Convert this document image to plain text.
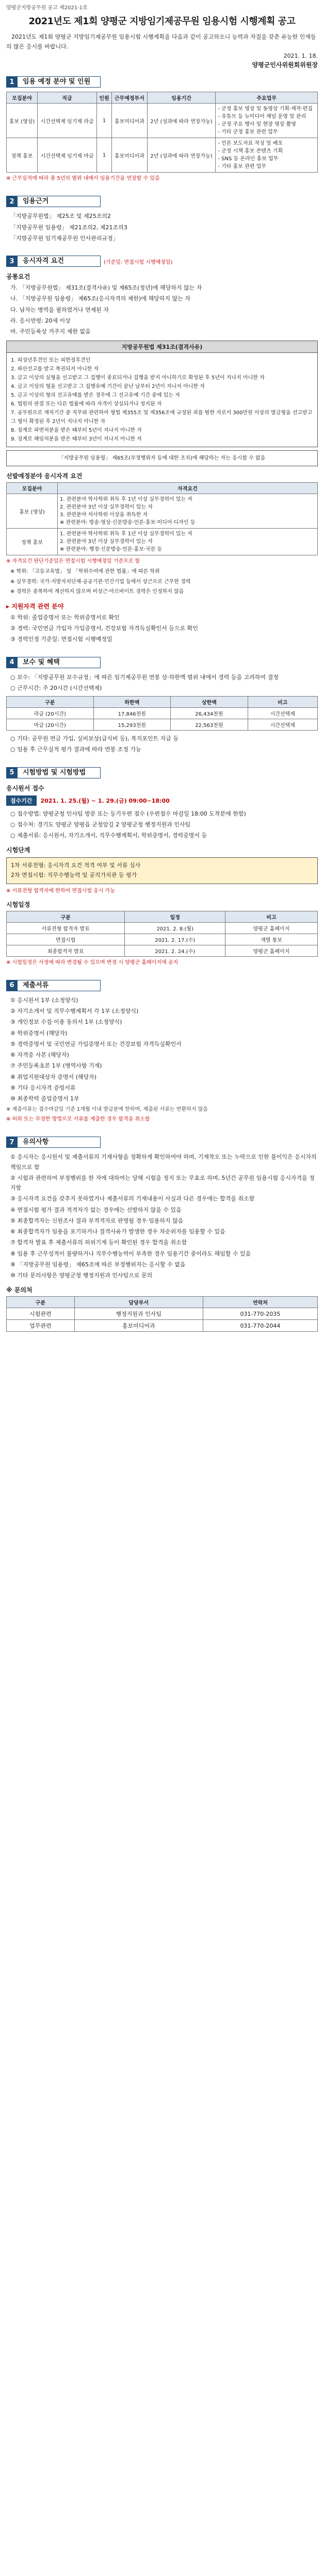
양평군지방공무원 공고 제2021-1호
2021년도 제1회 양평군 지방임기제공무원 임용시험 시행계획 공고
2021년도 제1회 양평군 지방임기제공무원 임용시험 시행계획을 다음과 같이 공고하오니 능력과 자질을 갖춘 유능한 인재들의 많은 응시를 바랍니다.
2021. 1. 18.
양평군인사위원회위원장
1	임용 예정 분야 및 인원
모집분야	직급	인원	근무예정부서	임용기간	주요업무
홍보 (영상)	시간선택제 임기제 라급	1	홍보미디어과	2년 (성과에 따라 연장가능)	- 군정 홍보 영상 및 동영상 기획·제작·편집
- 유튜브 등 뉴미디어 채널 운영 및 관리
- 군정 주요 행사 및 현장 영상 촬영
- 기타 군정 홍보 관련 업무
정책 홍보	시간선택제 임기제 마급	1	홍보미디어과	2년 (성과에 따라 연장가능)	- 언론 보도자료 작성 및 배포
- 군정 시책 홍보 콘텐츠 기획
- SNS 등 온라인 홍보 업무
- 기타 홍보 관련 업무
※ 근무실적에 따라 총 5년의 범위 내에서 임용기간을 연장할 수 있음
2	임용근거
「지방공무원법」 제25조 및 제25조의2
「지방공무원 임용령」 제21조의2, 제21조의3
「지방공무원 임기제공무원 인사관리규정」
3	응시자격 요건	(기준일: 면접시험 시행예정일)
공통요건
가. 「지방공무원법」 제31조(결격사유) 및 제65조(정년)에 해당하지 않는 자
나. 「지방공무원 임용령」 제65조(응시자격의 제한)에 해당하지 않는 자
다. 남자는 병역을 필하였거나 면제된 자
라. 응시연령: 20세 이상
마. 주민등록상 거주지 제한 없음
지방공무원법 제31조(결격사유)
1. 피성년후견인 또는 피한정후견인
2. 파산선고를 받고 복권되지 아니한 자
3. 금고 이상의 실형을 선고받고 그 집행이 종료되거나 집행을 받지 아니하기로 확정된 후 5년이 지나지 아니한 자
4. 금고 이상의 형을 선고받고 그 집행유예 기간이 끝난 날부터 2년이 지나지 아니한 자
5. 금고 이상의 형의 선고유예를 받은 경우에 그 선고유예 기간 중에 있는 자
6. 법원의 판결 또는 다른 법률에 따라 자격이 상실되거나 정지된 자
7. 공무원으로 재직기간 중 직무와 관련하여 형법 제355조 및 제356조에 규정된 죄를 범한 자로서 300만원 이상의 벌금형을 선고받고 그 형이 확정된 후 2년이 지나지 아니한 자
8. 징계로 파면처분을 받은 때부터 5년이 지나지 아니한 자
9. 징계로 해임처분을 받은 때부터 3년이 지나지 아니한 자
「지방공무원 임용령」 제65조(부정행위자 등에 대한 조치)에 해당하는 자는 응시할 수 없음
선발예정분야 응시자격 요건
모집분야	자격요건
홍보 (영상)	1. 관련분야 학사학위 취득 후 1년 이상 실무경력이 있는 자
2. 관련분야 3년 이상 실무경력이 있는 자
3. 관련분야 석사학위 이상을 취득한 자
※ 관련분야: 방송·영상·신문방송·언론·홍보·미디어·디자인 등
정책 홍보	1. 관련분야 학사학위 취득 후 1년 이상 실무경력이 있는 자
2. 관련분야 3년 이상 실무경력이 있는 자
※ 관련분야: 행정·신문방송·언론·홍보·국문 등
※ 자격요건 판단기준일은 면접시험 시행예정일 기준으로 함
※ 학위: 「고등교육법」 및 「학위수여에 관한 법률」에 따른 학위
※ 실무경력: 국가·지방자치단체·공공기관·민간기업 등에서 상근으로 근무한 경력
※ 경력은 중복하여 계산하지 않으며 비상근·아르바이트 경력은 인정하지 않음
▸ 지원자격 관련 분야
① 학위: 졸업증명서 또는 학위증명서로 확인
② 경력: 국민연금 가입자 가입증명서, 건강보험 자격득실확인서 등으로 확인
③ 경력인정 기준일: 면접시험 시행예정일
4	보수 및 혜택
○ 보수: 「지방공무원 보수규정」에 따른 임기제공무원 연봉 상·하한액 범위 내에서 경력 등을 고려하여 결정
○ 근무시간: 주 20시간 (시간선택제)
구분	하한액	상한액	비고
라급 (20시간)	17,846천원	26,434천원	시간선택제
마급 (20시간)	15,293천원	22,563천원	시간선택제
○ 기타: 공무원 연금 가입, 실비보상(급식비 등), 복지포인트 지급 등
○ 임용 후 근무실적 평가 결과에 따라 연봉 조정 가능
5	시험방법 및 시험방법
응시원서 접수
접수기간	2021. 1. 25.(월) ~ 1. 29.(금) 09:00~18:00
○ 접수방법: 양평군청 인사팀 방문 또는 등기우편 접수 (우편접수 마감일 18:00 도착분에 한함)
○ 접수처: 경기도 양평군 양평읍 군청앞길 2 양평군청 행정지원과 인사팀
○ 제출서류: 응시원서, 자기소개서, 직무수행계획서, 학위증명서, 경력증명서 등
시험단계
1차 서류전형: 응시자격 요건 적격 여부 및 서류 심사
2차 면접시험: 직무수행능력 및 공직가치관 등 평가
※ 서류전형 합격자에 한하여 면접시험 응시 가능
시험일정
구분	일정	비고
서류전형 합격자 발표	2021. 2. 8.(월)	양평군 홈페이지
면접시험	2021. 2. 17.(수)	개별 통보
최종합격자 발표	2021. 2. 24.(수)	양평군 홈페이지
※ 시험일정은 사정에 따라 변경될 수 있으며 변경 시 양평군 홈페이지에 공지
6	제출서류
① 응시원서 1부 (소정양식)
② 자기소개서 및 직무수행계획서 각 1부 (소정양식)
③ 개인정보 수집·이용 동의서 1부 (소정양식)
④ 학위증명서 (해당자)
⑤ 경력증명서 및 국민연금 가입증명서 또는 건강보험 자격득실확인서
⑥ 자격증 사본 (해당자)
⑦ 주민등록초본 1부 (병역사항 기재)
⑧ 취업지원대상자 증명서 (해당자)
⑨ 기타 응시자격 증빙서류
⑩ 최종학력 졸업증명서 1부
※ 제출서류는 접수마감일 기준 1개월 이내 발급분에 한하며, 제출된 서류는 반환하지 않음
※ 허위 또는 부정한 방법으로 서류를 제출한 경우 합격을 취소함
7	유의사항
① 응시자는 응시원서 및 제출서류의 기재사항을 정확하게 확인하여야 하며, 기재착오 또는 누락으로 인한 불이익은 응시자의 책임으로 함
② 시험과 관련하여 부정행위를 한 자에 대하여는 당해 시험을 정지 또는 무효로 하며, 5년간 공무원 임용시험 응시자격을 정지함
③ 응시자격 요건을 갖추지 못하였거나 제출서류의 기재내용이 사실과 다른 경우에는 합격을 취소함
④ 면접시험 평가 결과 적격자가 없는 경우에는 선발하지 않을 수 있음
⑤ 최종합격자는 신원조사 결과 부적격자로 판명될 경우 임용하지 않음
⑥ 최종합격자가 임용을 포기하거나 결격사유가 발생한 경우 차순위자를 임용할 수 있음
⑦ 합격자 발표 후 제출서류의 허위기재 등이 확인된 경우 합격을 취소함
⑧ 임용 후 근무성적이 불량하거나 직무수행능력이 부족한 경우 임용기간 중이라도 해임할 수 있음
⑨ 「지방공무원 임용령」 제65조에 따른 부정행위자는 응시할 수 없음
⑩ 기타 문의사항은 양평군청 행정지원과 인사팀으로 문의
※ 문의처
구분	담당부서	연락처
시험관련	행정지원과 인사팀	031-770-2035
업무관련	홍보미디어과	031-770-2044
